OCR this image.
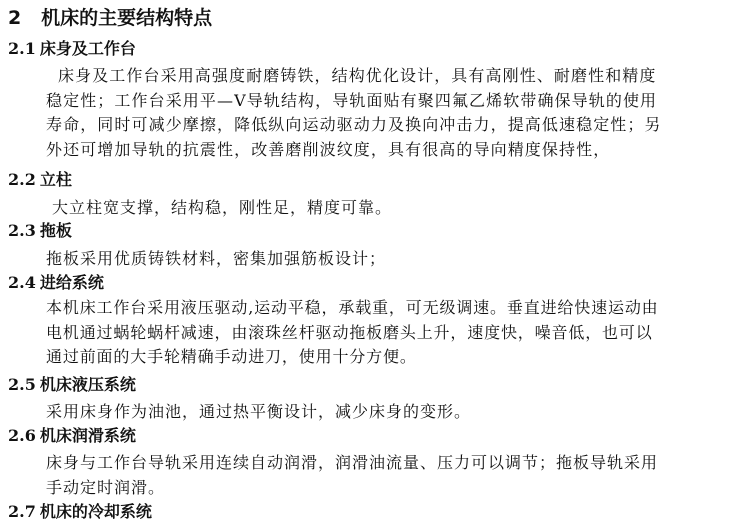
2 机床的主要结构特点
2.1 床身及工作台
床身及工作台采用高强度耐磨铸铁，结构优化设计，具有高刚性、耐磨性和精度
稳定性；工作台采用平—V导轨结构，导轨面贴有聚四氟乙烯软带确保导轨的使用
寿命，同时可减少摩擦，降低纵向运动驱动力及换向冲击力，提高低速稳定性；另
外还可增加导轨的抗震性，改善磨削波纹度，具有很高的导向精度保持性，
2.2 立柱
大立柱宽支撑，结构稳，刚性足，精度可靠。
2.3 拖板
拖板采用优质铸铁材料，密集加强筋板设计；
2.4 进给系统
本机床工作台采用液压驱动,运动平稳，承载重，可无级调速。垂直进给快速运动由
电机通过蜗轮蜗杆减速，由滚珠丝杆驱动拖板磨头上升，速度快，噪音低，也可以
通过前面的大手轮精确手动进刀，使用十分方便。
2.5 机床液压系统
采用床身作为油池，通过热平衡设计，减少床身的变形。
2.6 机床润滑系统
床身与工作台导轨采用连续自动润滑，润滑油流量、压力可以调节；拖板导轨采用
手动定时润滑。
2.7 机床的冷却系统
